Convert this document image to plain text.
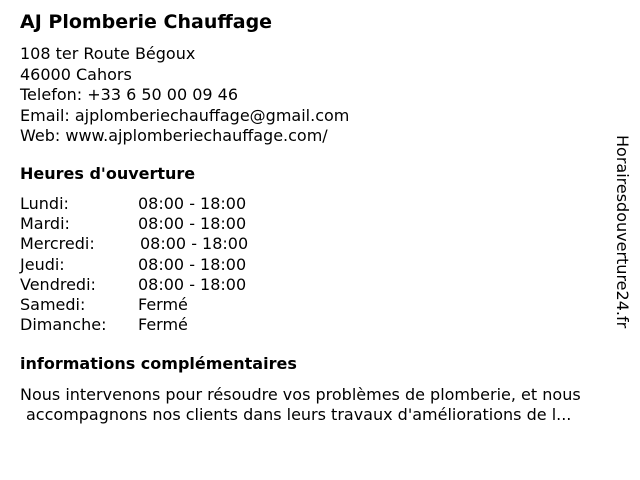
AJ Plomberie Chauffage
108 ter Route Bégoux
46000 Cahors
Telefon: +33 6 50 00 09 46
Email: ajplomberiechauffage@gmail.com
Web: www.ajplomberiechauffage.com/
Heures d'ouverture
Lundi:	08:00 - 18:00
Mardi:	08:00 - 18:00
Mercredi:	08:00 - 18:00
Jeudi:	08:00 - 18:00
Vendredi:	08:00 - 18:00
Samedi:	Fermé
Dimanche: Fermé
informations complémentaires
Nous intervenons pour résoudre vos problèmes de plomberie, et nous
accompagnons nos clients dans leurs travaux d'améliorations de l...
Horairesdouverture24.fr
